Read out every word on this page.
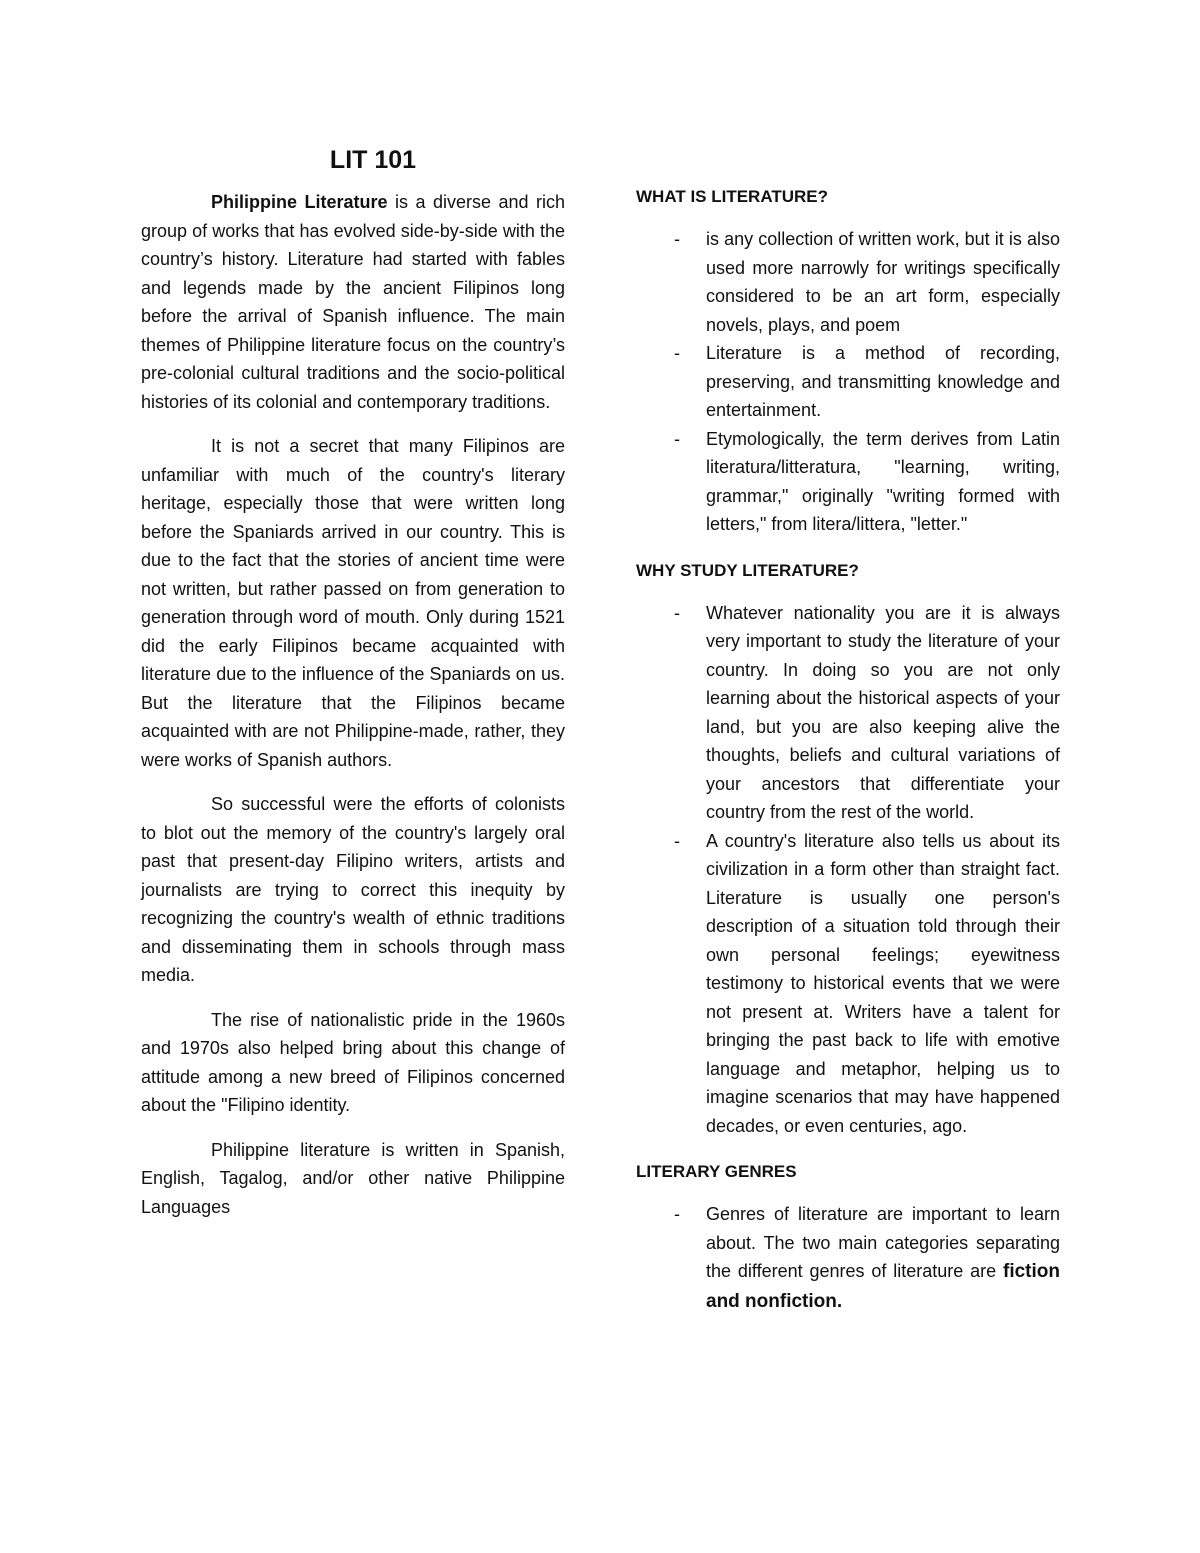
LIT 101

Philippine Literature is a diverse and rich group of works that has evolved side-by-side with the country’s history. Literature had started with fables and legends made by the ancient Filipinos long before the arrival of Spanish influence. The main themes of Philippine literature focus on the country’s pre-colonial cultural traditions and the socio-political histories of its colonial and contemporary traditions.

It is not a secret that many Filipinos are unfamiliar with much of the country's literary heritage, especially those that were written long before the Spaniards arrived in our country. This is due to the fact that the stories of ancient time were not written, but rather passed on from generation to generation through word of mouth. Only during 1521 did the early Filipinos became acquainted with literature due to the influence of the Spaniards on us. But the literature that the Filipinos became acquainted with are not Philippine-made, rather, they were works of Spanish authors.

So successful were the efforts of colonists to blot out the memory of the country's largely oral past that present-day Filipino writers, artists and journalists are trying to correct this inequity by recognizing the country's wealth of ethnic traditions and disseminating them in schools through mass media.

The rise of nationalistic pride in the 1960s and 1970s also helped bring about this change of attitude among a new breed of Filipinos concerned about the "Filipino identity.

Philippine literature is written in Spanish, English, Tagalog, and/or other native Philippine Languages

WHAT IS LITERATURE?
- is any collection of written work, but it is also used more narrowly for writings specifically considered to be an art form, especially novels, plays, and poem
- Literature is a method of recording, preserving, and transmitting knowledge and entertainment.
- Etymologically, the term derives from Latin literatura/litteratura, "learning, writing, grammar," originally "writing formed with letters," from litera/littera, "letter."
WHY STUDY LITERATURE?
- Whatever nationality you are it is always very important to study the literature of your country. In doing so you are not only learning about the historical aspects of your land, but you are also keeping alive the thoughts, beliefs and cultural variations of your ancestors that differentiate your country from the rest of the world.
- A country's literature also tells us about its civilization in a form other than straight fact. Literature is usually one person's description of a situation told through their own personal feelings; eyewitness testimony to historical events that we were not present at. Writers have a talent for bringing the past back to life with emotive language and metaphor, helping us to imagine scenarios that may have happened decades, or even centuries, ago.
LITERARY GENRES
- Genres of literature are important to learn about. The two main categories separating the different genres of literature are fiction and nonfiction.
